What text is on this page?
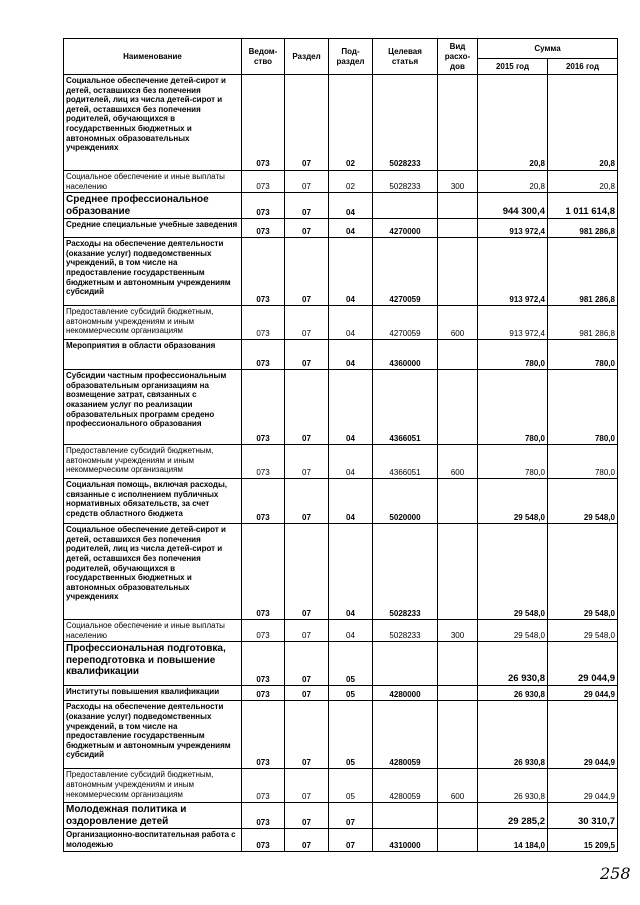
Наименование	Ведом-ство	Раздел	Под-раздел	Целевая статья	Вид расхо-дов	Сумма	
						2015 год	2016 год
Социальное обеспечение детей-сирот и детей, оставшихся без попечения родителей, лиц из числа детей-сирот и детей, оставшихся без попечения родителей, обучающихся в государственных бюджетных и автономных образовательных учреждениях	073	07	02	5028233		20,8	20,8
Социальное обеспечение и иные выплаты населению	073	07	02	5028233	300	20,8	20,8
Среднее профессиональное образование	073	07	04			944 300,4	1 011 614,8
Средние специальные учебные заведения	073	07	04	4270000		913 972,4	981 286,8
Расходы на обеспечение деятельности (оказание услуг) подведомственных учреждений, в том числе на предоставление государственным бюджетным и автономным учреждениям субсидий	073	07	04	4270059		913 972,4	981 286,8
Предоставление субсидий бюджетным, автономным учреждениям и иным некоммерческим организациям	073	07	04	4270059	600	913 972,4	981 286,8
Мероприятия в области образования	073	07	04	4360000		780,0	780,0
Субсидии частным профессиональным образовательным организациям на возмещение затрат, связанных с оказанием услуг по реализации образовательных программ средено профессионального образования	073	07	04	4366051		780,0	780,0
Предоставление субсидий бюджетным, автономным учреждениям и иным некоммерческим организациям	073	07	04	4366051	600	780,0	780,0
Социальная помощь, включая расходы, связанные с исполнением публичных нормативных обязательств, за счет средств областного бюджета	073	07	04	5020000		29 548,0	29 548,0
Социальное обеспечение детей-сирот и детей, оставшихся без попечения родителей, лиц из числа детей-сирот и детей, оставшихся без попечения родителей, обучающихся в государственных бюджетных и автономных образовательных учреждениях	073	07	04	5028233		29 548,0	29 548,0
Социальное обеспечение и иные выплаты населению	073	07	04	5028233	300	29 548,0	29 548,0
Профессиональная подготовка, переподготовка и повышение квалификации	073	07	05			26 930,8	29 044,9
Институты повышения квалификации	073	07	05	4280000		26 930,8	29 044,9
Расходы на обеспечение деятельности (оказание услуг) подведомственных учреждений, в том числе на предоставление государственным бюджетным и автономным учреждениям субсидий	073	07	05	4280059		26 930,8	29 044,9
Предоставление субсидий бюджетным, автономным учреждениям и иным некоммерческим организациям	073	07	05	4280059	600	26 930,8	29 044,9
Молодежная политика и оздоровление детей	073	07	07			29 285,2	30 310,7
Организационно-воспитательная работа с молодежью	073	07	07	4310000		14 184,0	15 209,5
258
